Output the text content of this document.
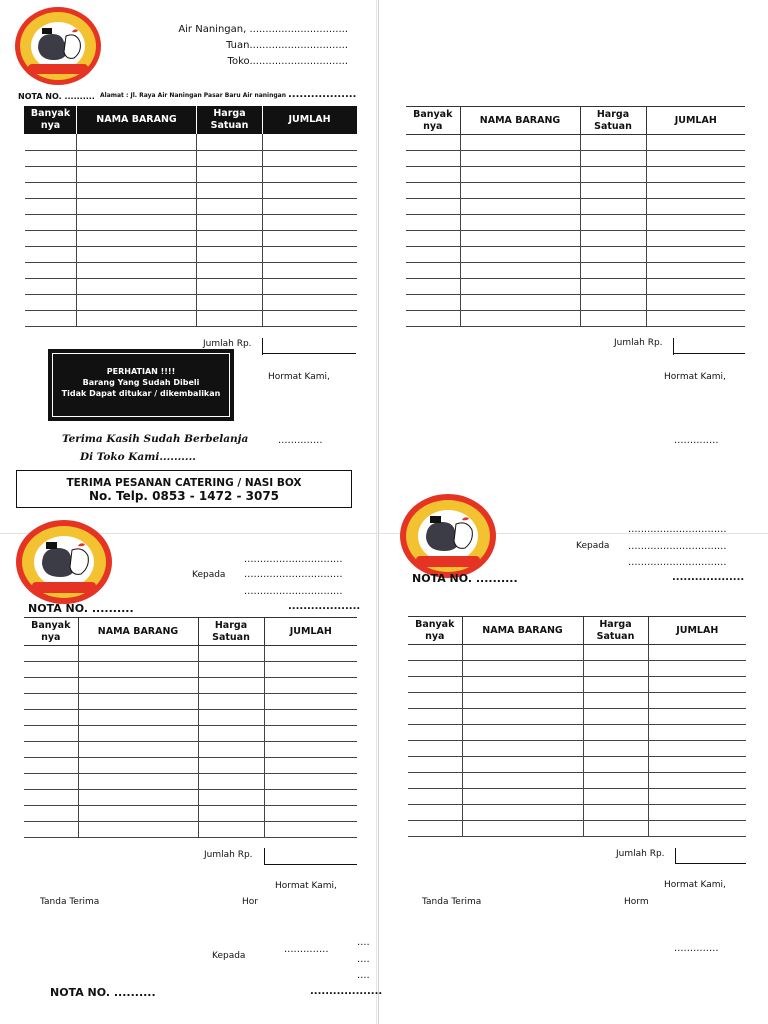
Air Naningan, ...............................
Tuan...............................
Toko...............................
NOTA NO. .......... Alamat : Jl. Raya Air Naningan Pasar Baru Air naningan ..................
Banyak nya	NAMA BARANG	Harga Satuan	JUMLAH

Jumlah Rp.
PERHATIAN !!!!
Barang Yang Sudah Dibeli
Tidak Dapat ditukar / dikembalikan
Hormat Kami,
..............
Terima Kasih Sudah Berbelanja
Di Toko Kami..........
TERIMA PESANAN CATERING / NASI BOX
No. Telp. 0853 - 1472 - 3075
Banyak nya	NAMA BARANG	Harga Satuan	JUMLAH

Jumlah Rp.
Hormat Kami,
..............
...............................
Kepada ...............................
...............................
NOTA NO. ..........	...................
Banyak nya	NAMA BARANG	Harga Satuan	JUMLAH

Jumlah Rp.
Hormat Kami,
Tanda Terima	Hor
..............
Kepada
....
....
....
NOTA NO. ..........	...................
...............................
Kepada ...............................
...............................
NOTA NO. ..........	...................
Banyak nya	NAMA BARANG	Harga Satuan	JUMLAH

Jumlah Rp.
Hormat Kami,
Tanda Terima	Horm
..............
